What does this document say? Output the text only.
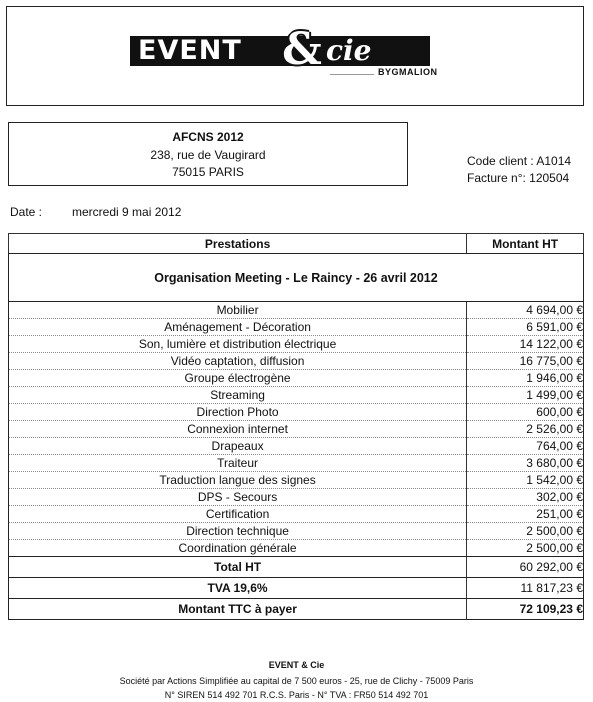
EVENT & cie
BYGMALION
AFCNS 2012
238, rue de Vaugirard
75015 PARIS
Code client : A1014
Facture n°: 120504
Date : mercredi 9 mai 2012
Prestations	Montant HT
Organisation Meeting - Le Raincy - 26 avril 2012	
Mobilier	4 694,00 €
Aménagement - Décoration	6 591,00 €
Son, lumière et distribution électrique	14 122,00 €
Vidéo captation, diffusion	16 775,00 €
Groupe électrogène	1 946,00 €
Streaming	1 499,00 €
Direction Photo	600,00 €
Connexion internet	2 526,00 €
Drapeaux	764,00 €
Traiteur	3 680,00 €
Traduction langue des signes	1 542,00 €
DPS - Secours	302,00 €
Certification	251,00 €
Direction technique	2 500,00 €
Coordination générale	2 500,00 €
Total HT	60 292,00 €
TVA 19,6%	11 817,23 €
Montant TTC à payer	72 109,23 €
EVENT & Cie
Société par Actions Simplifiée au capital de 7 500 euros - 25, rue de Clichy - 75009 Paris
N° SIREN 514 492 701 R.C.S. Paris - N° TVA : FR50 514 492 701
